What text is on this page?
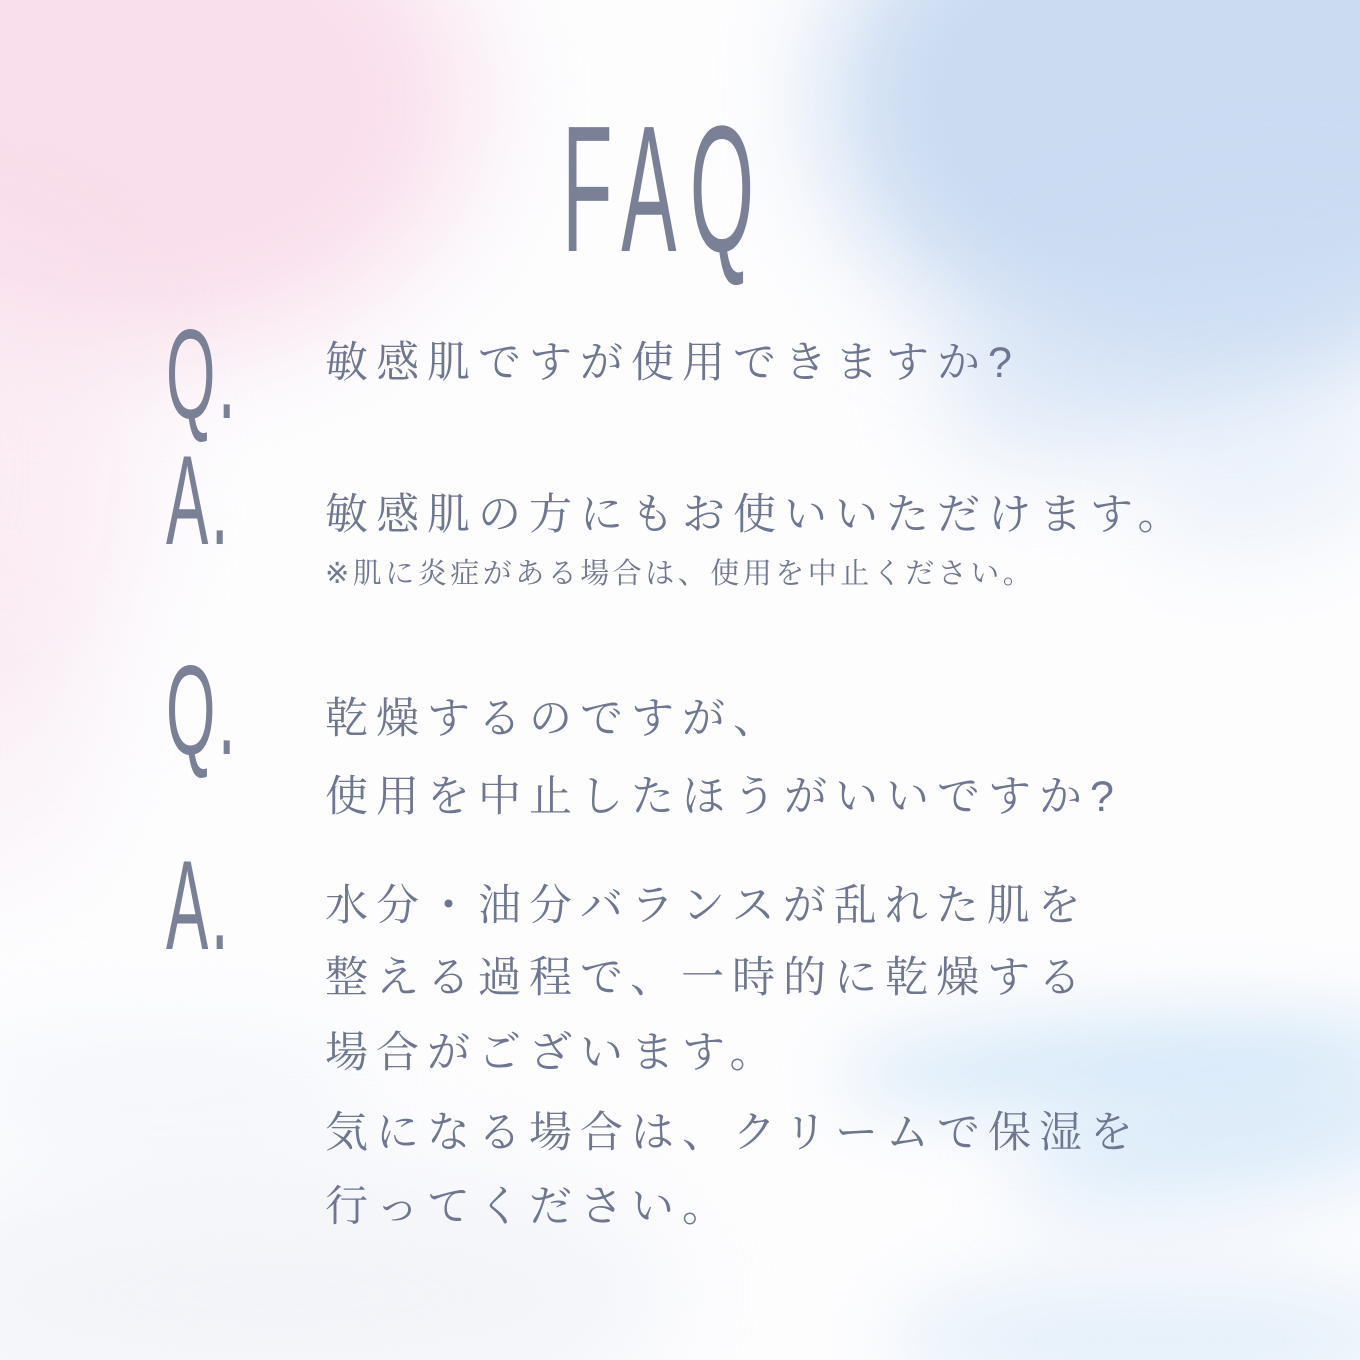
FAQ
Q. 敏感肌ですが使用できますか?
A. 敏感肌の方にもお使いいただけます。
※肌に炎症がある場合は、使用を中止ください。
Q. 乾燥するのですが、
使用を中止したほうがいいですか?
A. 水分・油分バランスが乱れた肌を
整える過程で、一時的に乾燥する
場合がございます。
気になる場合は、クリームで保湿を
行ってください。
